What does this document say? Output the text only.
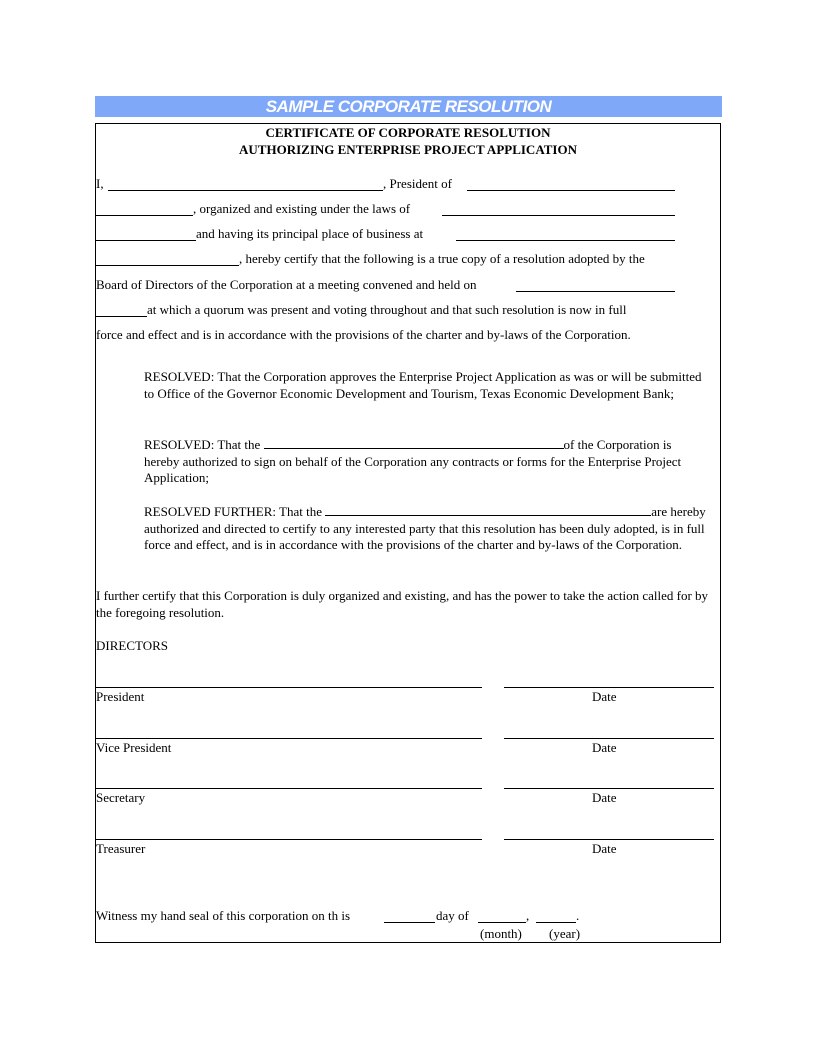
SAMPLE CORPORATE RESOLUTION
CERTIFICATE OF CORPORATE RESOLUTION
AUTHORIZING ENTERPRISE PROJECT APPLICATION
I,	, President of
, organized and existing under the laws of
and having its principal place of business at
, hereby certify that the following is a true copy of a resolution adopted by the
Board of Directors of the Corporation at a meeting convened and held on
at which a quorum was present and voting throughout and that such resolution is now in full
force and effect and is in accordance with the provisions of the charter and by-laws of the Corporation.
RESOLVED: That the Corporation approves the Enterprise Project Application as was or will be submitted to Office of the Governor Economic Development and Tourism, Texas Economic Development Bank;
RESOLVED: That the	of the Corporation is hereby authorized to sign on behalf of the Corporation any contracts or forms for the Enterprise Project Application;
RESOLVED FURTHER: That the	are hereby authorized and directed to certify to any interested party that this resolution has been duly adopted, is in full force and effect, and is in accordance with the provisions of the charter and by-laws of the Corporation.
I further certify that this Corporation is duly organized and existing, and has the power to take the action called for by the foregoing resolution.
DIRECTORS
President	Date
Vice President	Date
Secretary	Date
Treasurer	Date
Witness my hand seal of this corporation on th is	day of	,	.
(month) (year)
